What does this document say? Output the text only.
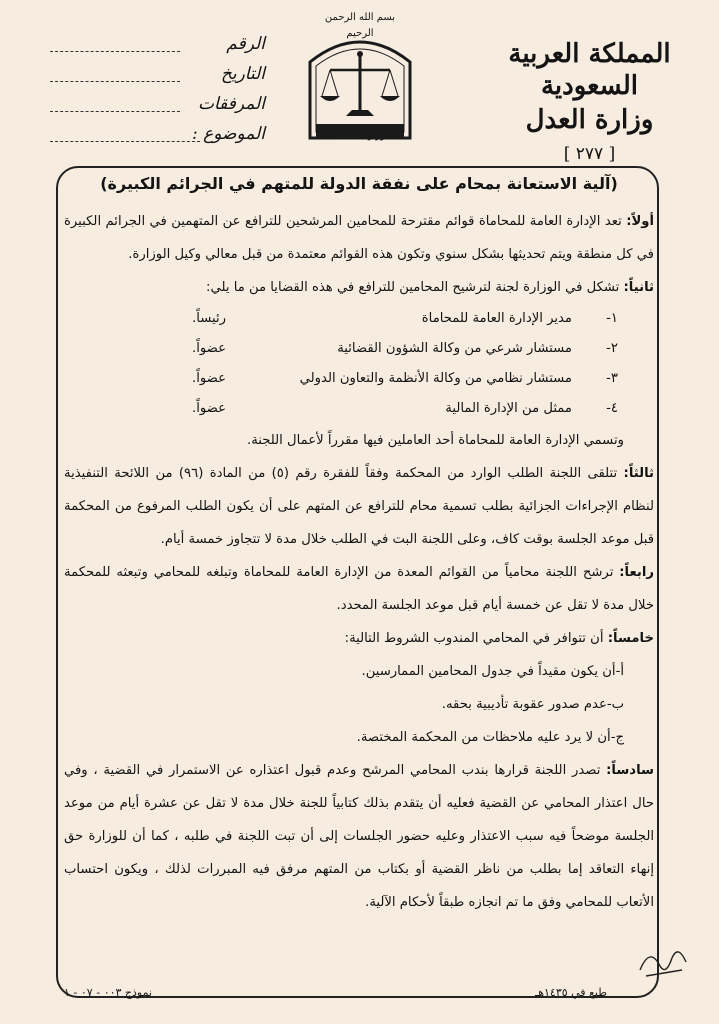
المملكة العربية السعودية
وزارة العدل
[ ٢٧٧ ]
بسم الله الرحمن الرحيم
وزارة العدل
الرقم
التاريخ
المرفقات
الموضوع :
(آلية الاستعانة بمحام على نفقة الدولة للمتهم في الجرائم الكبيرة)

أولاً: تعد الإدارة العامة للمحاماة قوائم مقترحة للمحامين المرشحين للترافع عن المتهمين في الجرائم الكبيرة في كل منطقة ويتم تحديثها بشكل سنوي وتكون هذه القوائم معتمدة من قبل معالي وكيل الوزارة.

ثانياً: تشكل في الوزارة لجنة لترشيح المحامين للترافع في هذه القضايا من ما يلي:

١-
مدير الإدارة العامة للمحاماة
رئيساً.
٢-
مستشار شرعي من وكالة الشؤون القضائية
عضواً.
٣-
مستشار نظامي من وكالة الأنظمة والتعاون الدولي
عضواً.
٤-
ممثل من الإدارة المالية
عضواً.

وتسمي الإدارة العامة للمحاماة أحد العاملين فيها مقرراً لأعمال اللجنة.

ثالثاً: تتلقى اللجنة الطلب الوارد من المحكمة وفقاً للفقرة رقم (٥) من المادة (٩٦) من اللائحة التنفيذية لنظام الإجراءات الجزائية بطلب تسمية محام للترافع عن المتهم على أن يكون الطلب المرفوع من المحكمة قبل موعد الجلسة بوقت كاف، وعلى اللجنة البت في الطلب خلال مدة لا تتجاوز خمسة أيام.

رابعاً: ترشح اللجنة محامياً من القوائم المعدة من الإدارة العامة للمحاماة وتبلغه للمحامي وتبعثه للمحكمة خلال مدة لا تقل عن خمسة أيام قبل موعد الجلسة المحدد.

خامساً: أن تتوافر في المحامي المندوب الشروط التالية:

أ-أن يكون مقيداً في جدول المحامين الممارسين.

ب-عدم صدور عقوبة تأديبية بحقه.

ج-أن لا يرد عليه ملاحظات من المحكمة المختصة.

سادساً: تصدر اللجنة قرارها بندب المحامي المرشح وعدم قبول اعتذاره عن الاستمرار في القضية ، وفي حال اعتذار المحامي عن القضية فعليه أن يتقدم بذلك كتابياً للجنة خلال مدة لا تقل عن عشرة أيام من موعد الجلسة موضحاً فيه سبب الاعتذار وعليه حضور الجلسات إلى أن تبت اللجنة في طلبه ، كما أن للوزارة حق إنهاء التعاقد إما بطلب من ناظر القضية أو بكتاب من المتهم مرفق فيه المبررات لذلك ، ويكون احتساب الأتعاب للمحامي وفق ما تم انجازه طبقاً لأحكام الآلية.

طبع في ١٤٣٥هـ
نموذج ٠٠٣ - ٠٧ - ١
